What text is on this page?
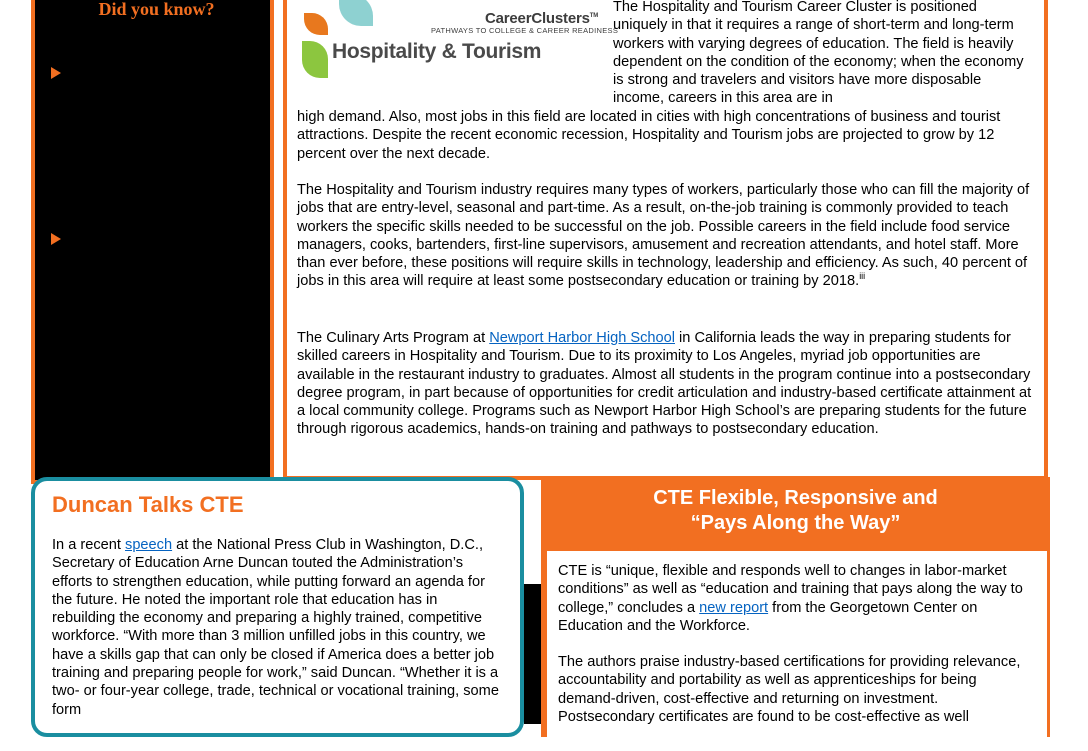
Did you know?	CareerClusters™
PATHWAYS TO COLLEGE & CAREER READINESS
Hospitality & Tourism
The Hospitality and Tourism Career Cluster is positioned uniquely in that it requires a range of short-term and long-term workers with varying degrees of education. The field is heavily dependent on the condition of the economy; when the economy is strong and travelers and visitors have more disposable income, careers in this area are in
high demand. Also, most jobs in this field are located in cities with high concentrations of business and tourist attractions. Despite the recent economic recession, Hospitality and Tourism jobs are projected to grow by 12 percent over the next decade.
The Hospitality and Tourism industry requires many types of workers, particularly those who can fill the majority of jobs that are entry-level, seasonal and part-time. As a result, on-the-job training is commonly provided to teach workers the specific skills needed to be successful on the job. Possible careers in the field include food service managers, cooks, bartenders, first-line supervisors, amusement and recreation attendants, and hotel staff. More than ever before, these positions will require skills in technology, leadership and efficiency. As such, 40 percent of jobs in this area will require at least some postsecondary education or training by 2018.$^{iii}$
The Culinary Arts Program at Newport Harbor High School in California leads the way in preparing students for skilled careers in Hospitality and Tourism. Due to its proximity to Los Angeles, myriad job opportunities are available in the restaurant industry to graduates. Almost all students in the program continue into a postsecondary degree program, in part because of opportunities for credit articulation and industry-based certificate attainment at a local community college. Programs such as Newport Harbor High School’s are preparing students for the future through rigorous academics, hands-on training and pathways to postsecondary education.
Duncan Talks CTE

In a recent speech at the National Press Club in Washington, D.C., Secretary of Education Arne Duncan touted the Administration’s efforts to strengthen education, while putting forward an agenda for the future. He noted the important role that education has in rebuilding the economy and preparing a highly trained, competitive workforce. “With more than 3 million unfilled jobs in this country, we have a skills gap that can only be closed if America does a better job training and preparing people for work,” said Duncan. “Whether it is a two- or four-year college, trade, technical or vocational training, some form

CTE Flexible, Responsive and
“Pays Along the Way”

CTE is “unique, flexible and responds well to changes in labor-market conditions” as well as “education and training that pays along the way to college,” concludes a new report from the Georgetown Center on Education and the Workforce.

The authors praise industry-based certifications for providing relevance, accountability and portability as well as apprenticeships for being demand-driven, cost-effective and returning on investment. Postsecondary certificates are found to be cost-effective as well
